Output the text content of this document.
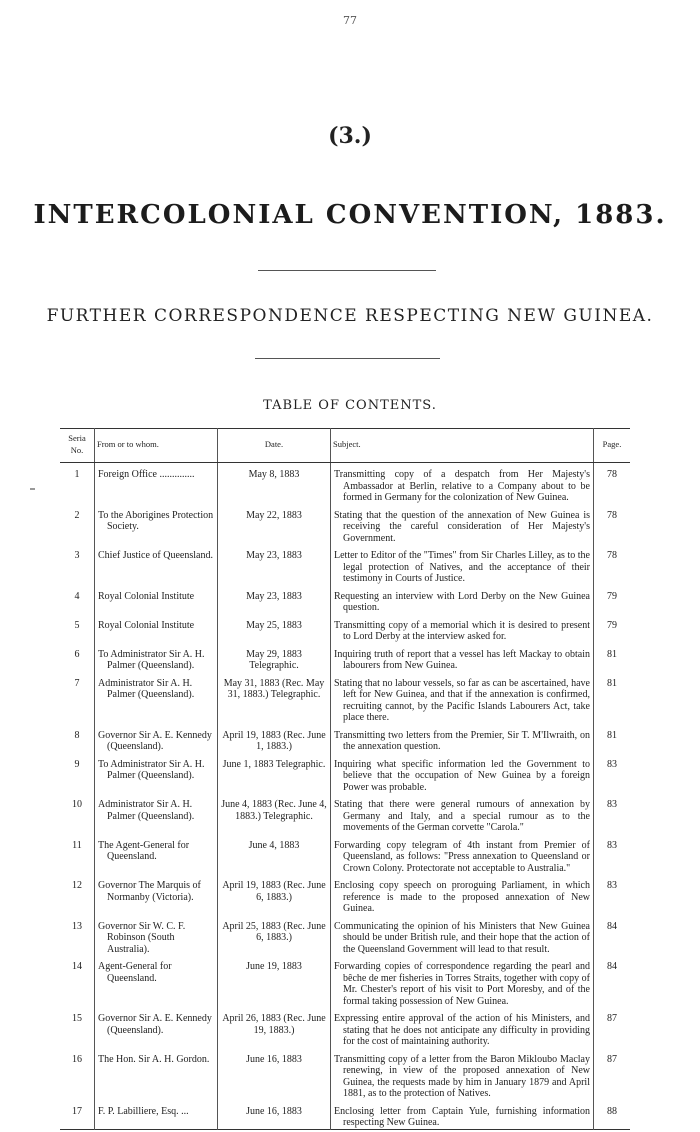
77
(3.)
INTERCOLONIAL CONVENTION, 1883.
FURTHER CORRESPONDENCE RESPECTING NEW GUINEA.
TABLE OF CONTENTS.
Seria No.	From or to whom.	Date.	Subject.	Page.

1	Foreign Office ..............	May 8, 1883	Transmitting copy of a despatch from Her Majesty's Ambassador at Berlin, relative to a Company about to be formed in Germany for the colonization of New Guinea.	78

2	To the Aborigines Protection Society.	May 22, 1883	Stating that the question of the annexation of New Guinea is receiving the careful consideration of Her Majesty's Government.	78

3	Chief Justice of Queensland.	May 23, 1883	Letter to Editor of the "Times" from Sir Charles Lilley, as to the legal protection of Natives, and the acceptance of their testimony in Courts of Justice.	78

4	Royal Colonial Institute	May 23, 1883	Requesting an interview with Lord Derby on the New Guinea question.	79

5	Royal Colonial Institute	May 25, 1883	Transmitting copy of a memorial which it is desired to present to Lord Derby at the interview asked for.	79

6	To Administrator Sir A. H. Palmer (Queensland).	May 29, 1883 Telegraphic.	Inquiring truth of report that a vessel has left Mackay to obtain labourers from New Guinea.	81

7	Administrator Sir A. H. Palmer (Queensland).	May 31, 1883 (Rec. May 31, 1883.) Telegraphic.	Stating that no labour vessels, so far as can be ascertained, have left for New Guinea, and that if the annexation is confirmed, recruiting cannot, by the Pacific Islands Labourers Act, take place there.	81

8	Governor Sir A. E. Kennedy (Queensland).	April 19, 1883 (Rec. June 1, 1883.)	Transmitting two letters from the Premier, Sir T. M'Ilwraith, on the annexation question.	81

9	To Administrator Sir A. H. Palmer (Queensland).	June 1, 1883 Telegraphic.	Inquiring what specific information led the Government to believe that the occupation of New Guinea by a foreign Power was probable.	83

10	Administrator Sir A. H. Palmer (Queensland).	June 4, 1883 (Rec. June 4, 1883.) Telegraphic.	Stating that there were general rumours of annexation by Germany and Italy, and a special rumour as to the movements of the German corvette "Carola."	83

11	The Agent-General for Queensland.	June 4, 1883	Forwarding copy telegram of 4th instant from Premier of Queensland, as follows: "Press annexation to Queensland or Crown Colony. Protectorate not acceptable to Australia."	83

12	Governor The Marquis of Normanby (Victoria).	April 19, 1883 (Rec. June 6, 1883.)	Enclosing copy speech on proroguing Parliament, in which reference is made to the proposed annexation of New Guinea.	83

13	Governor Sir W. C. F. Robinson (South Australia).	April 25, 1883 (Rec. June 6, 1883.)	Communicating the opinion of his Ministers that New Guinea should be under British rule, and their hope that the action of the Queensland Government will lead to that result.	84

14	Agent-General for Queensland.	June 19, 1883	Forwarding copies of correspondence regarding the pearl and bêche de mer fisheries in Torres Straits, together with copy of Mr. Chester's report of his visit to Port Moresby, and of the formal taking possession of New Guinea.	84

15	Governor Sir A. E. Kennedy (Queensland).	April 26, 1883 (Rec. June 19, 1883.)	Expressing entire approval of the action of his Ministers, and stating that he does not anticipate any difficulty in providing for the cost of maintaining authority.	87

16	The Hon. Sir A. H. Gordon.	June 16, 1883	Transmitting copy of a letter from the Baron Mikloubo Maclay renewing, in view of the proposed annexation of New Guinea, the requests made by him in January 1879 and April 1881, as to the protection of Natives.	87

17	F. P. Labilliere, Esq. ...	June 16, 1883	Enclosing letter from Captain Yule, furnishing information respecting New Guinea.	88
